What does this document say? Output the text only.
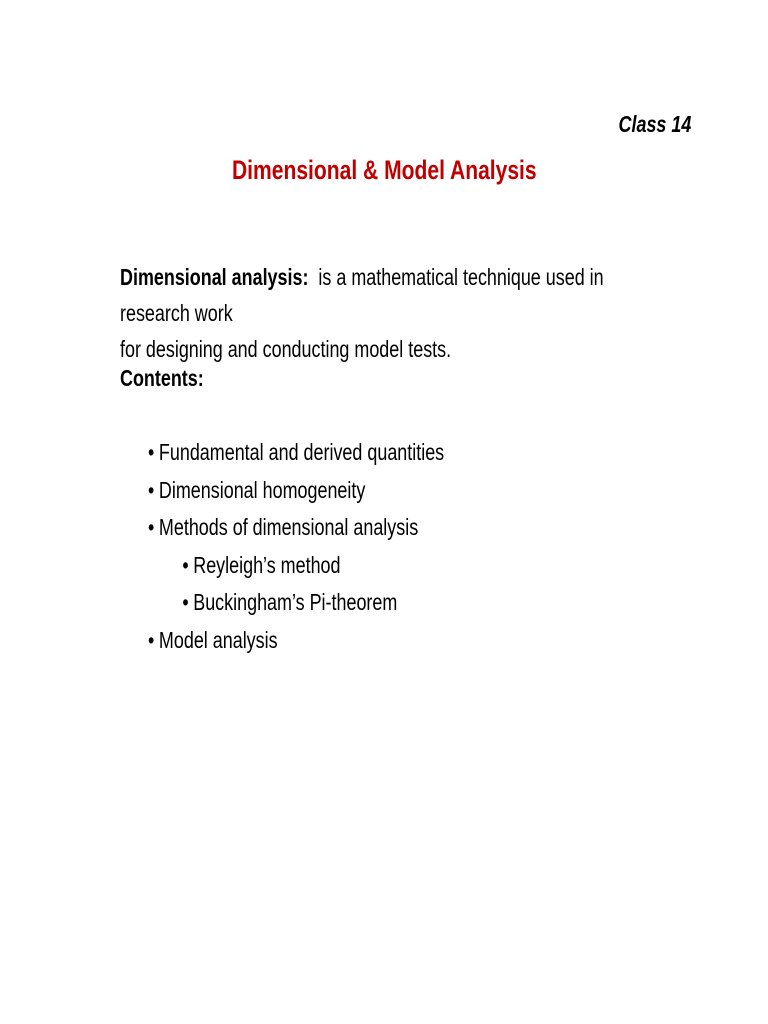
Class 14
Dimensional & Model Analysis
Dimensional analysis: is a mathematical technique used in research work
for designing and conducting model tests.
Contents:
• Fundamental and derived quantities
• Dimensional homogeneity
• Methods of dimensional analysis
• Reyleigh’s method
• Buckingham’s Pi-theorem
• Model analysis
